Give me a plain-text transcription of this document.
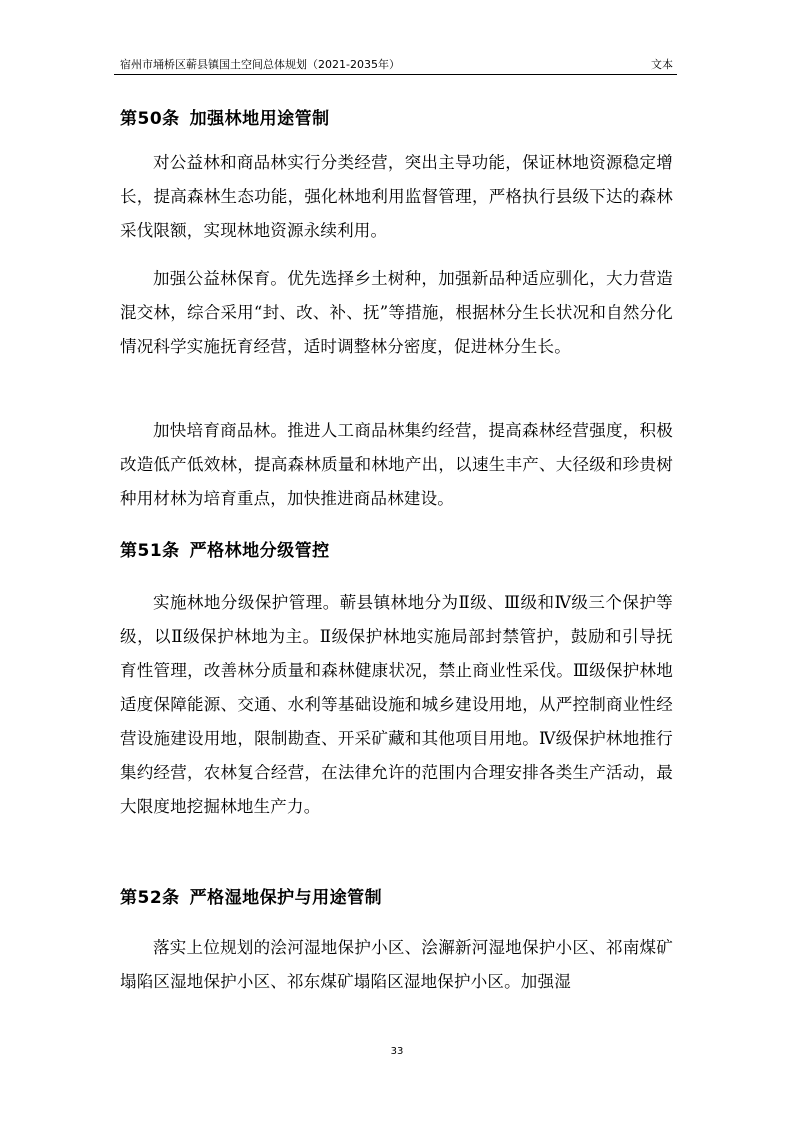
宿州市埇桥区蕲县镇国土空间总体规划（2021-2035年）	文本
第50条 加强林地用途管制

对公益林和商品林实行分类经营，突出主导功能，保证林地资源稳定增长，提高森林生态功能，强化林地利用监督管理，严格执行县级下达的森林采伐限额，实现林地资源永续利用。

加强公益林保育。优先选择乡土树种，加强新品种适应驯化，大力营造混交林，综合采用“封、改、补、抚”等措施，根据林分生长状况和自然分化情况科学实施抚育经营，适时调整林分密度，促进林分生长。

加快培育商品林。推进人工商品林集约经营，提高森林经营强度，积极改造低产低效林，提高森林质量和林地产出，以速生丰产、大径级和珍贵树种用材林为培育重点，加快推进商品林建设。

第51条 严格林地分级管控

实施林地分级保护管理。蕲县镇林地分为Ⅱ级、Ⅲ级和Ⅳ级三个保护等级，以Ⅱ级保护林地为主。Ⅱ级保护林地实施局部封禁管护，鼓励和引导抚育性管理，改善林分质量和森林健康状况，禁止商业性采伐。Ⅲ级保护林地适度保障能源、交通、水利等基础设施和城乡建设用地，从严控制商业性经营设施建设用地，限制勘查、开采矿藏和其他项目用地。Ⅳ级保护林地推行集约经营，农林复合经营，在法律允许的范围内合理安排各类生产活动，最大限度地挖掘林地生产力。

第52条 严格湿地保护与用途管制

落实上位规划的浍河湿地保护小区、浍澥新河湿地保护小区、祁南煤矿塌陷区湿地保护小区、祁东煤矿塌陷区湿地保护小区。加强湿

33
